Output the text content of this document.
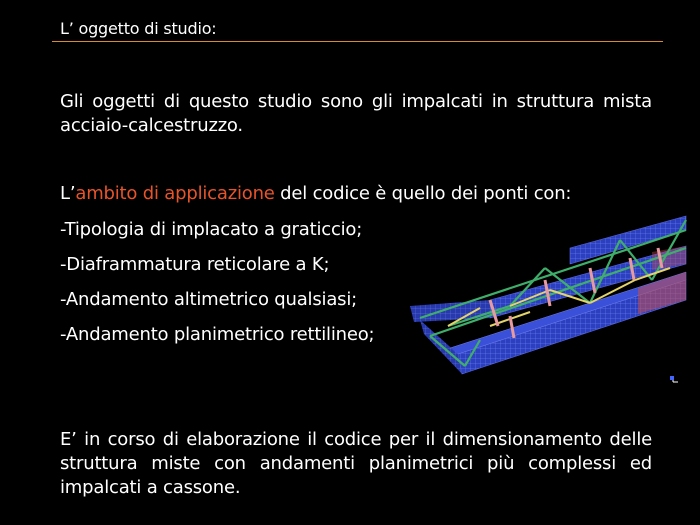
L’ oggetto di studio:
Gli oggetti di questo studio sono gli impalcati in struttura mista acciaio-calcestruzzo.
L’ambito di applicazione del codice è quello dei ponti con:
-Tipologia di implacato a graticcio;
-Diaframmatura reticolare a K;
-Andamento altimetrico qualsiasi;
-Andamento planimetrico rettilineo;
E’ in corso di elaborazione il codice per il dimensionamento delle struttura miste con andamenti planimetrici più complessi ed impalcati a cassone.
